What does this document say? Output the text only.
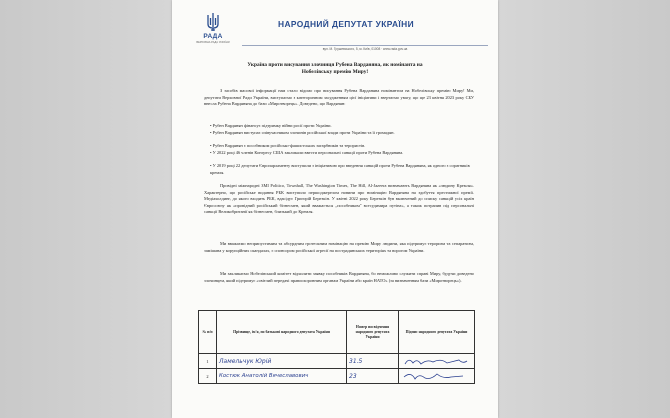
РАДА
ВЕРХОВНА РАДА УКРАЇНИ
НАРОДНИЙ ДЕПУТАТ УКРАЇНИ
вул. М. Грушевського, 5, м. Київ, 01008 · www.rada.gov.ua
Україна проти висування злочинця Рубена Варданяна, як номінанта на
Нобелівську премію Миру!
З засобів масової інформації нам стало відомо про висування Рубена Варданяна номінантом на Нобелівську премію Миру! Ми, депутати Верховної Ради України, виступаємо з категоричним засудженням цієї ініціативи і звертаємо увагу, що ще 23 квітня 2023 року СБУ внесла Рубена Вардяняна до бази «Миротворець». Доведено, що Вардянян:
• Рубен Вардянян фінансує підтримку війни росії проти України.
• Рубен Вардянян виступає співучасником злочинів російської влади проти України та її громадян.
• Рубен Вардянян є пособником російсько-фашистських загарбників та терористів.
• У 2022 році 46 членів Конгресу США закликали ввести персональні санкції проти Рубена Вардяняна.
• У 2019 році 22 депутати Європарламенту виступили з ініціативою про введення санкцій проти Рубена Вардяняна, як одного з соратників кремля.
Провідні міжнародні ЗМІ Politico, Townhall, The Washington Times, The Hill, Al-Jazeera визначають Вардяняна як «людину Кремля». Характерно, що російське видання РБК виступило першоджерелом новини про номінацію Вардяняна на здобуття престижної премії. Медіахолдинг, до якого входить РБК, вдасідує Григорій Березкін. У квітні 2022 року Березкін був включений до списку санкцій усіх країн Євросоюзу як «провідний російський бізнесмен, який вважається „пособником" всесудимира путіна», а також потрапив під персональні санкції Великобританії як бізнесмен, близький до Кремля.
Ми вважаємо неприпустимим та абсурдним гротескним номінацію на премію Миру людини, яка підтримує тероризм та сепаратизм, замішана у корупційних скандалах, є спонсором російської агресії на пострадянських територіях та ворогом України.
Ми закликаємо Нобелівський комітет відхилити заявку пособників Вардяняна, бо неможливо служити справі Миру, будучи доведено злочинцем, який підтримує «світлий передачі правоохоронним органам України або країн НАТО» (за визначенням бази «Миротворець»).
№ п/п	Прізвище, ім'я, по батькові народного депутата України	Номер посвідчення народного депутата України	Підпис народного депутата України
1	Ламельчук Юрій	31.5	
2	Костюк Анатолій Вячеславович	23	
